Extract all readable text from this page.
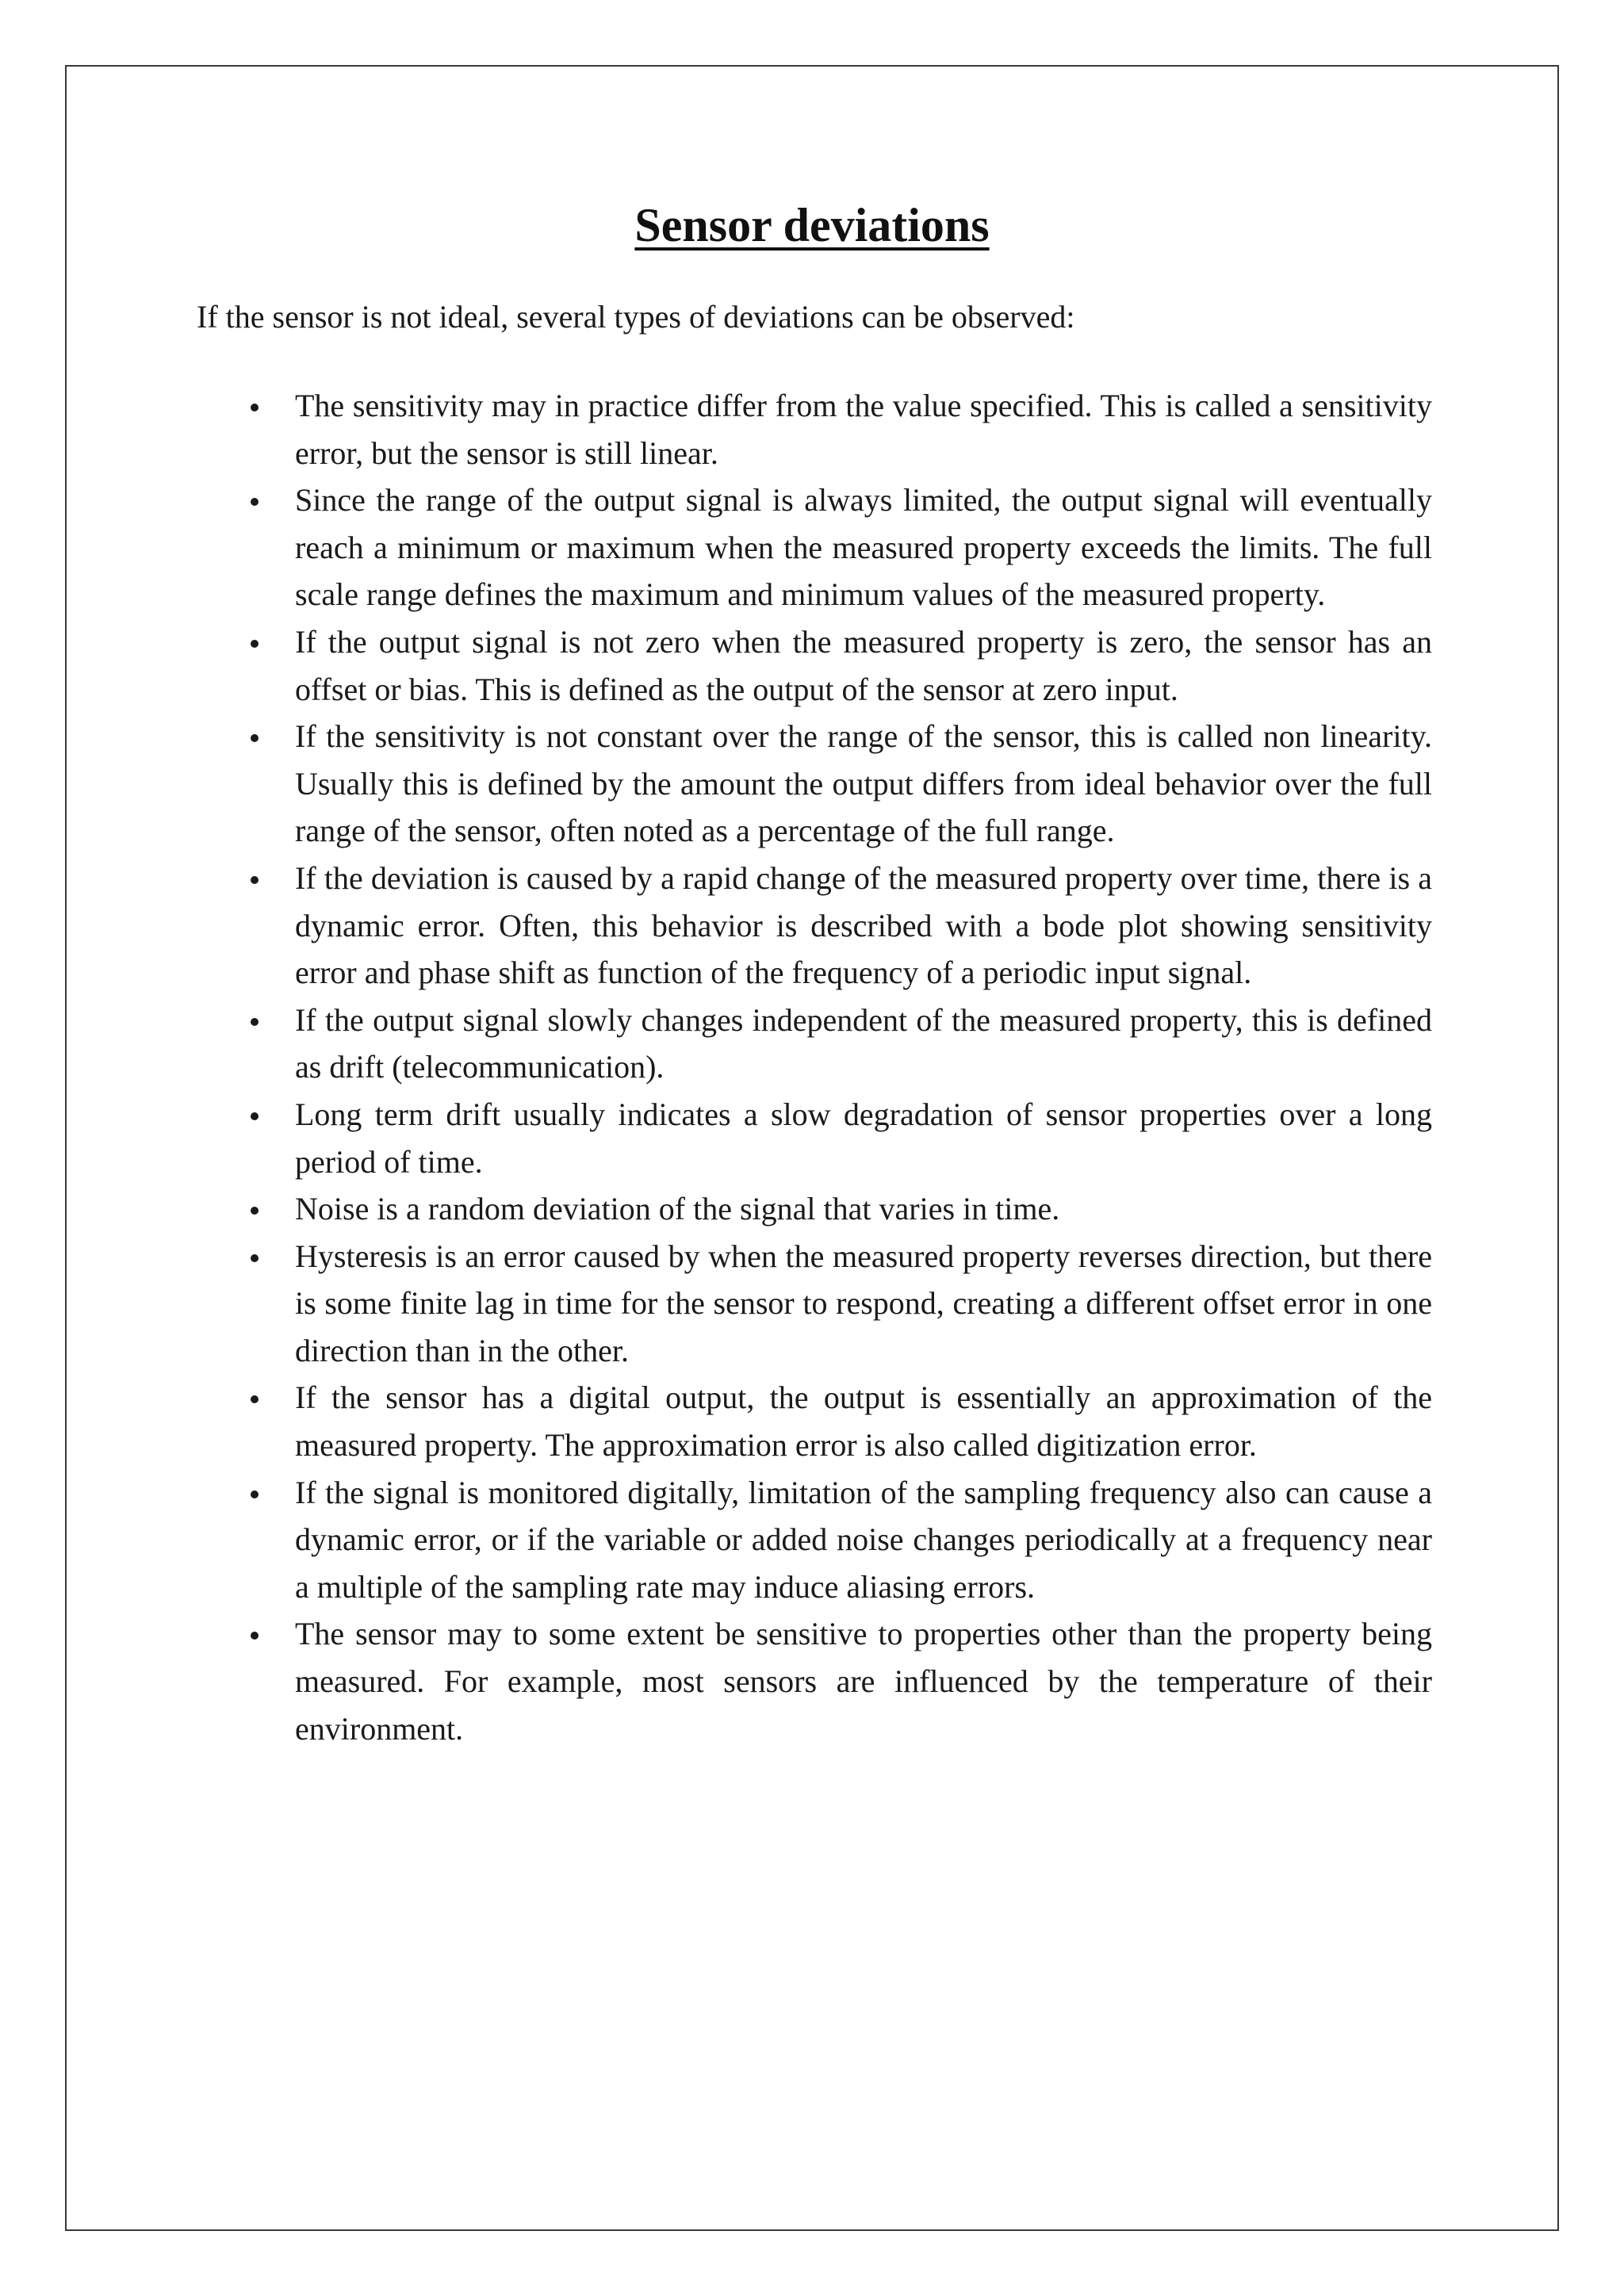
Sensor deviations

If the sensor is not ideal, several types of deviations can be observed:

The sensitivity may in practice differ from the value specified. This is called a sensitivity error, but the sensor is still linear.
Since the range of the output signal is always limited, the output signal will eventually reach a minimum or maximum when the measured property exceeds the limits. The full scale range defines the maximum and minimum values of the measured property.
If the output signal is not zero when the measured property is zero, the sensor has an offset or bias. This is defined as the output of the sensor at zero input.
If the sensitivity is not constant over the range of the sensor, this is called non linearity. Usually this is defined by the amount the output differs from ideal behavior over the full range of the sensor, often noted as a percentage of the full range.
If the deviation is caused by a rapid change of the measured property over time, there is a dynamic error. Often, this behavior is described with a bode plot showing sensitivity error and phase shift as function of the frequency of a periodic input signal.
If the output signal slowly changes independent of the measured property, this is defined as drift (telecommunication).
Long term drift usually indicates a slow degradation of sensor properties over a long period of time.
Noise is a random deviation of the signal that varies in time.
Hysteresis is an error caused by when the measured property reverses direction, but there is some finite lag in time for the sensor to respond, creating a different offset error in one direction than in the other.
If the sensor has a digital output, the output is essentially an approximation of the measured property. The approximation error is also called digitization error.
If the signal is monitored digitally, limitation of the sampling frequency also can cause a dynamic error, or if the variable or added noise changes periodically at a frequency near a multiple of the sampling rate may induce aliasing errors.
The sensor may to some extent be sensitive to properties other than the property being measured. For example, most sensors are influenced by the temperature of their environment.
